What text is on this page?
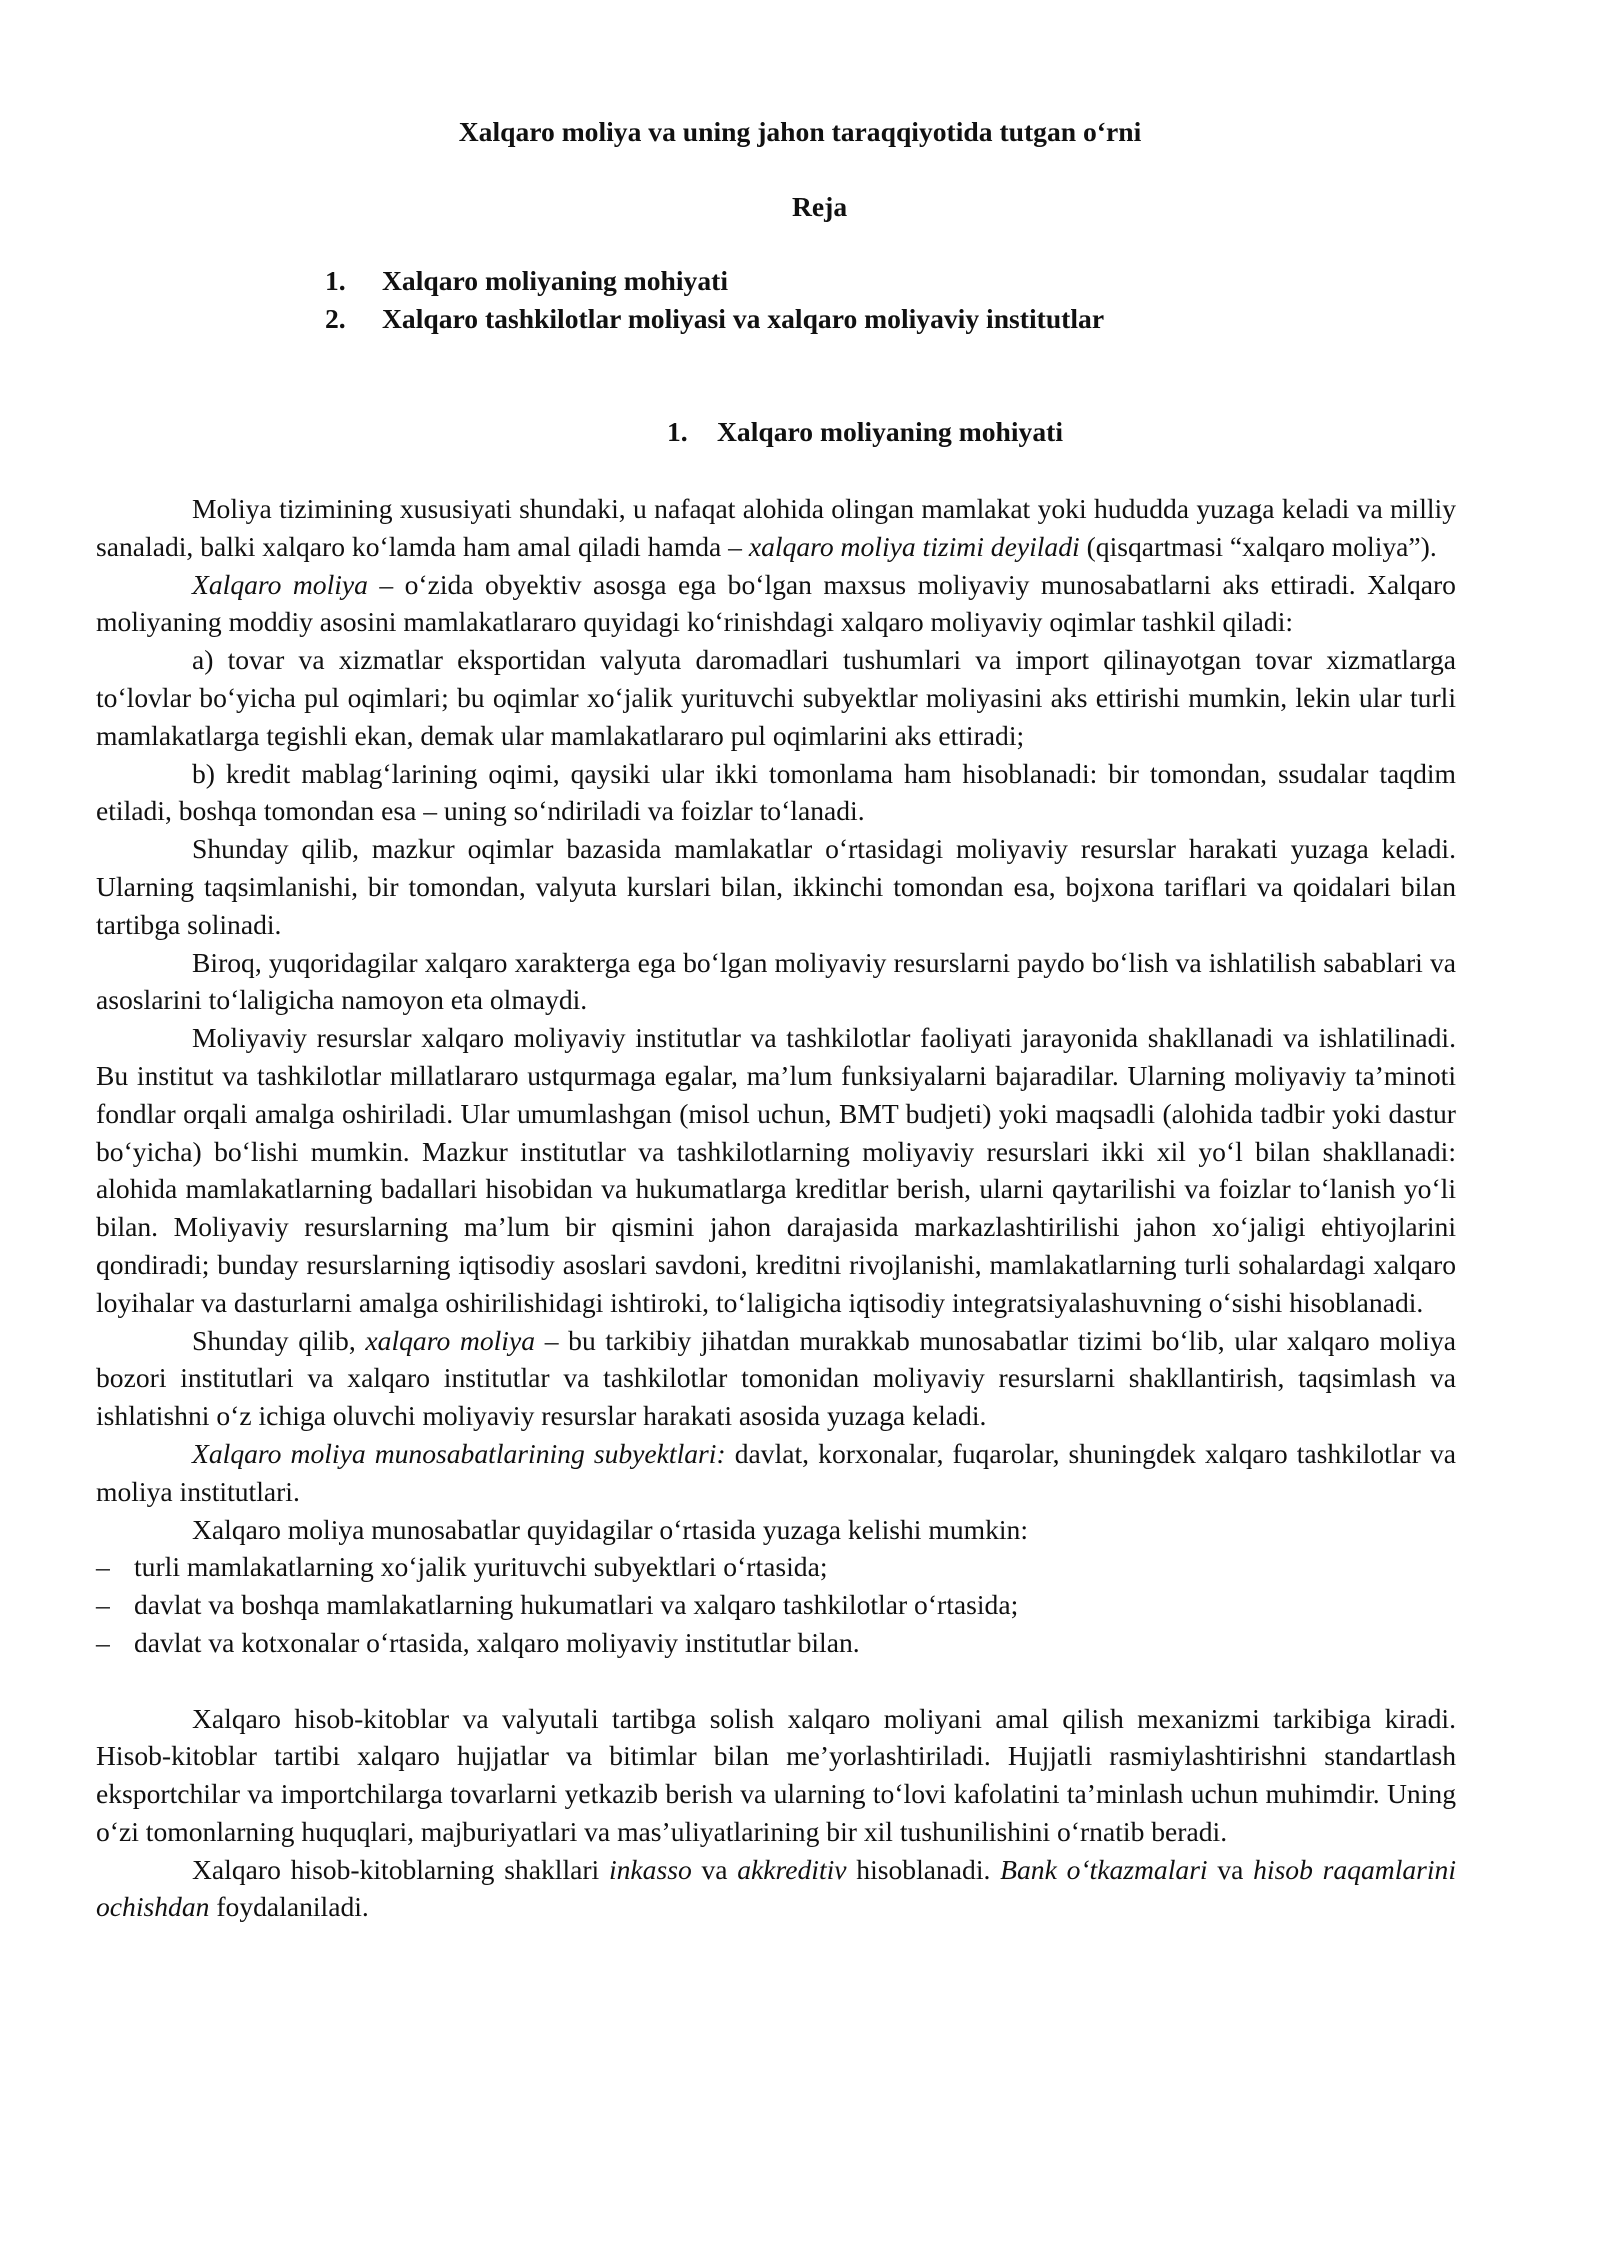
Xalqaro moliya va uning jahon taraqqiyotida tutgan o‘rni
Reja
1.	Xalqaro moliyaning mohiyati
2.	Xalqaro tashkilotlar moliyasi va xalqaro moliyaviy institutlar
1.	Xalqaro moliyaning mohiyati

Moliya tizimining xususiyati shundaki, u nafaqat alohida olingan mamlakat yoki hududda yuzaga keladi va milliy sanaladi, balki xalqaro ko‘lamda ham amal qiladi hamda – xalqaro moliya tizimi deyiladi (qisqartmasi “xalqaro moliya”).

Xalqaro moliya – o‘zida obyektiv asosga ega bo‘lgan maxsus moliyaviy munosabatlarni aks ettiradi. Xalqaro moliyaning moddiy asosini mamlakatlararo quyidagi ko‘rinishdagi xalqaro moliyaviy oqimlar tashkil qiladi:

a) tovar va xizmatlar eksportidan valyuta daromadlari tushumlari va import qilinayotgan tovar xizmatlarga to‘lovlar bo‘yicha pul oqimlari; bu oqimlar xo‘jalik yurituvchi subyektlar moliyasini aks ettirishi mumkin, lekin ular turli mamlakatlarga tegishli ekan, demak ular mamlakatlararo pul oqimlarini aks ettiradi;

b) kredit mablag‘larining oqimi, qaysiki ular ikki tomonlama ham hisoblanadi: bir tomondan, ssudalar taqdim etiladi, boshqa tomondan esa – uning so‘ndiriladi va foizlar to‘lanadi.

Shunday qilib, mazkur oqimlar bazasida mamlakatlar o‘rtasidagi moliyaviy resurslar harakati yuzaga keladi. Ularning taqsimlanishi, bir tomondan, valyuta kurslari bilan, ikkinchi tomondan esa, bojxona tariflari va qoidalari bilan tartibga solinadi.

Biroq, yuqoridagilar xalqaro xarakterga ega bo‘lgan moliyaviy resurslarni paydo bo‘lish va ishlatilish sabablari va asoslarini to‘laligicha namoyon eta olmaydi.

Moliyaviy resurslar xalqaro moliyaviy institutlar va tashkilotlar faoliyati jarayonida shakllanadi va ishlatilinadi. Bu institut va tashkilotlar millatlararo ustqurmaga egalar, ma’lum funksiyalarni bajaradilar. Ularning moliyaviy ta’minoti fondlar orqali amalga oshiriladi. Ular umumlashgan (misol uchun, BMT budjeti) yoki maqsadli (alohida tadbir yoki dastur bo‘yicha) bo‘lishi mumkin. Mazkur institutlar va tashkilotlarning moliyaviy resurslari ikki xil yo‘l bilan shakllanadi: alohida mamlakatlarning badallari hisobidan va hukumatlarga kreditlar berish, ularni qaytarilishi va foizlar to‘lanish yo‘li bilan. Moliyaviy resurslarning ma’lum bir qismini jahon darajasida markazlashtirilishi jahon xo‘jaligi ehtiyojlarini qondiradi; bunday resurslarning iqtisodiy asoslari savdoni, kreditni rivojlanishi, mamlakatlarning turli sohalardagi xalqaro loyihalar va dasturlarni amalga oshirilishidagi ishtiroki, to‘laligicha iqtisodiy integratsiyalashuvning o‘sishi hisoblanadi.

Shunday qilib, xalqaro moliya – bu tarkibiy jihatdan murakkab munosabatlar tizimi bo‘lib, ular xalqaro moliya bozori institutlari va xalqaro institutlar va tashkilotlar tomonidan moliyaviy resurslarni shakllantirish, taqsimlash va ishlatishni o‘z ichiga oluvchi moliyaviy resurslar harakati asosida yuzaga keladi.

Xalqaro moliya munosabatlarining subyektlari: davlat, korxonalar, fuqarolar, shuningdek xalqaro tashkilotlar va moliya institutlari.

Xalqaro moliya munosabatlar quyidagilar o‘rtasida yuzaga kelishi mumkin:

– turli mamlakatlarning xo‘jalik yurituvchi subyektlari o‘rtasida;
– davlat va boshqa mamlakatlarning hukumatlari va xalqaro tashkilotlar o‘rtasida;
– davlat va kotxonalar o‘rtasida, xalqaro moliyaviy institutlar bilan.

Xalqaro hisob-kitoblar va valyutali tartibga solish xalqaro moliyani amal qilish mexanizmi tarkibiga kiradi. Hisob-kitoblar tartibi xalqaro hujjatlar va bitimlar bilan me’yorlashtiriladi. Hujjatli rasmiylashtirishni standartlash eksportchilar va importchilarga tovarlarni yetkazib berish va ularning to‘lovi kafolatini ta’minlash uchun muhimdir. Uning o‘zi tomonlarning huquqlari, majburiyatlari va mas’uliyatlarining bir xil tushunilishini o‘rnatib beradi.

Xalqaro hisob-kitoblarning shakllari inkasso va akkreditiv hisoblanadi. Bank o‘tkazmalari va hisob raqamlarini ochishdan foydalaniladi.
